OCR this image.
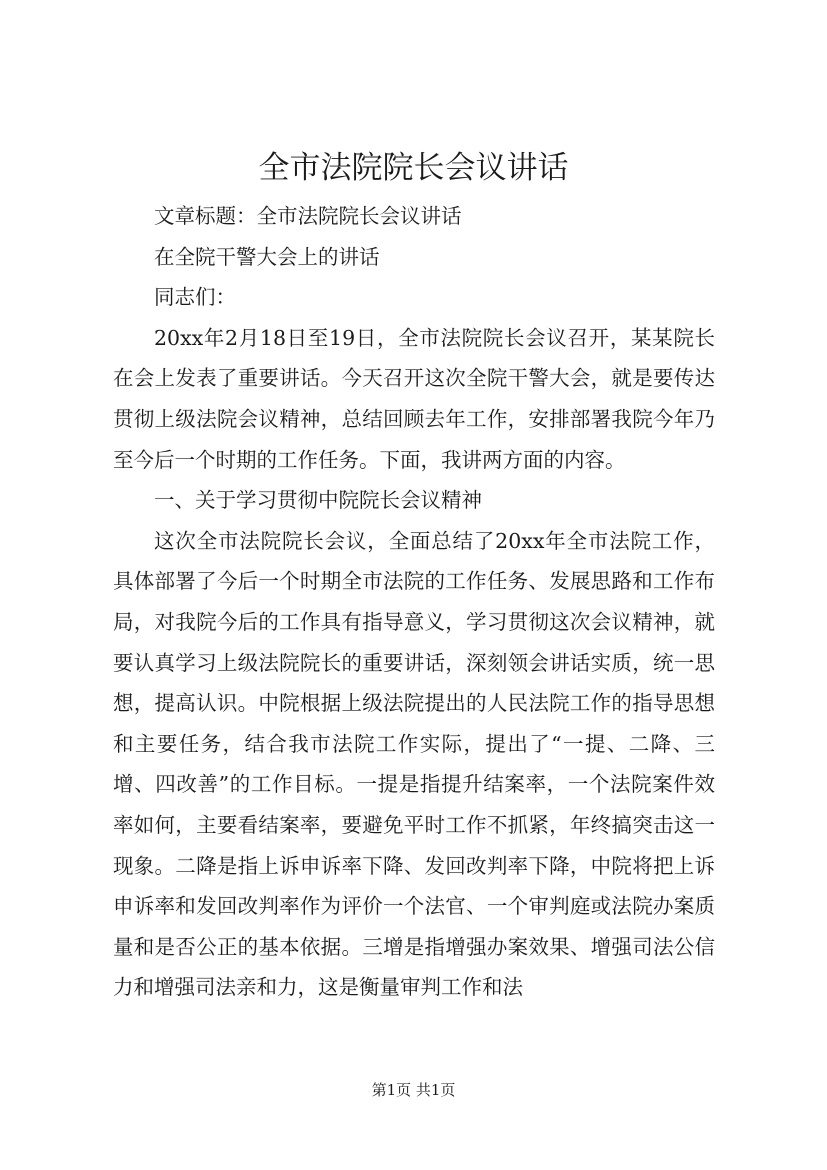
全市法院院长会议讲话

文章标题：全市法院院长会议讲话

在全院干警大会上的讲话

同志们：

20xx年2月18日至19日，全市法院院长会议召开，某某院长在会上发表了重要讲话。今天召开这次全院干警大会，就是要传达贯彻上级法院会议精神，总结回顾去年工作，安排部署我院今年乃至今后一个时期的工作任务。下面，我讲两方面的内容。

一、关于学习贯彻中院院长会议精神

这次全市法院院长会议，全面总结了20xx年全市法院工作，具体部署了今后一个时期全市法院的工作任务、发展思路和工作布局，对我院今后的工作具有指导意义，学习贯彻这次会议精神，就要认真学习上级法院院长的重要讲话，深刻领会讲话实质，统一思想，提高认识。中院根据上级法院提出的人民法院工作的指导思想和主要任务，结合我市法院工作实际，提出了“一提、二降、三增、四改善”的工作目标。一提是指提升结案率，一个法院案件效率如何，主要看结案率，要避免平时工作不抓紧，年终搞突击这一现象。二降是指上诉申诉率下降、发回改判率下降，中院将把上诉申诉率和发回改判率作为评价一个法官、一个审判庭或法院办案质量和是否公正的基本依据。三增是指增强办案效果、增强司法公信力和增强司法亲和力，这是衡量审判工作和法

第1页 共1页
